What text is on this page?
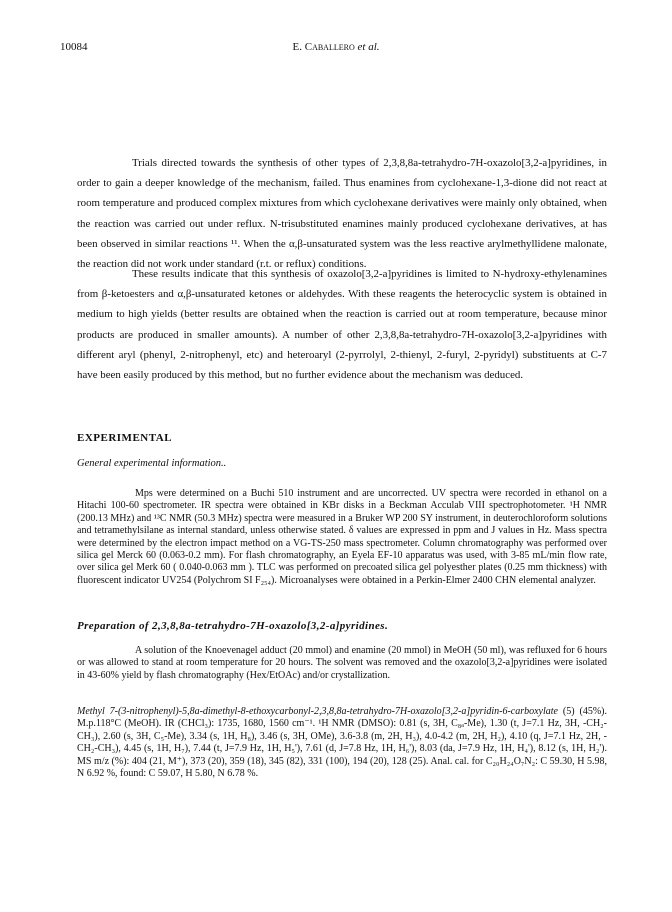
10084	E. Caballero et al.

Trials directed towards the synthesis of other types of 2,3,8,8a-tetrahydro-7H-oxazolo[3,2-a]pyridines, in order to gain a deeper knowledge of the mechanism, failed. Thus enamines from cyclohexane-1,3-dione did not react at room temperature and produced complex mixtures from which cyclohexane derivatives were mainly only obtained, when the reaction was carried out under reflux. N-trisubstituted enamines mainly produced cyclohexane derivatives, at has been observed in similar reactions ¹¹. When the α,β-unsaturated system was the less reactive arylmethyllidene malonate, the reaction did not work under standard (r.t. or reflux) conditions.

These results indicate that this synthesis of oxazolo[3,2-a]pyridines is limited to N-hydroxy-ethylenamines from β-ketoesters and α,β-unsaturated ketones or aldehydes. With these reagents the heterocyclic system is obtained in medium to high yields (better results are obtained when the reaction is carried out at room temperature, because minor products are produced in smaller amounts). A number of other 2,3,8,8a-tetrahydro-7H-oxazolo[3,2-a]pyridines with different aryl (phenyl, 2-nitrophenyl, etc) and heteroaryl (2-pyrrolyl, 2-thienyl, 2-furyl, 2-pyridyl) substituents at C-7 have been easily produced by this method, but no further evidence about the mechanism was deduced.

EXPERIMENTAL
General experimental information..

Mps were determined on a Buchi 510 instrument and are uncorrected. UV spectra were recorded in ethanol on a Hitachi 100-60 spectrometer. IR spectra were obtained in KBr disks in a Beckman Acculab VIII spectrophotometer. ¹H NMR (200.13 MHz) and ¹³C NMR (50.3 MHz) spectra were measured in a Bruker WP 200 SY instrument, in deuterochloroform solutions and tetramethylsilane as internal standard, unless otherwise stated. δ values are expressed in ppm and J values in Hz. Mass spectra were determined by the electron impact method on a VG-TS-250 mass spectrometer. Column chromatography was performed over silica gel Merck 60 (0.063-0.2 mm). For flash chromatography, an Eyela EF-10 apparatus was used, with 3-85 mL/min flow rate, over silica gel Merk 60 ( 0.040-0.063 mm ). TLC was performed on precoated silica gel polyesther plates (0.25 mm thickness) with fluorescent indicator UV254 (Polychrom SI F₂₅₄). Microanalyses were obtained in a Perkin-Elmer 2400 CHN elemental analyzer.

Preparation of 2,3,8,8a-tetrahydro-7H-oxazolo[3,2-a]pyridines.

A solution of the Knoevenagel adduct (20 mmol) and enamine (20 mmol) in MeOH (50 ml), was refluxed for 6 hours or was allowed to stand at room temperature for 20 hours. The solvent was removed and the oxazolo[3,2-a]pyridines were isolated in 43-60% yield by flash chromatography (Hex/EtOAc) and/or crystallization.

Methyl 7-(3-nitrophenyl)-5,8a-dimethyl-8-ethoxycarbonyl-2,3,8,8a-tetrahydro-7H-oxazolo[3,2-a]pyridin-6-carboxylate (5) (45%). M.p.118°C (MeOH). IR (CHCl₃): 1735, 1680, 1560 cm⁻¹. ¹H NMR (DMSO): 0.81 (s, 3H, C₈ₐ-Me), 1.30 (t, J=7.1 Hz, 3H, -CH₂-CH₃), 2.60 (s, 3H, C₅-Me), 3.34 (s, 1H, H₈), 3.46 (s, 3H, OMe), 3.6-3.8 (m, 2H, H₃), 4.0-4.2 (m, 2H, H₂), 4.10 (q, J=7.1 Hz, 2H, -CH₂-CH₃), 4.45 (s, 1H, H₇), 7.44 (t, J=7.9 Hz, 1H, H₅'), 7.61 (d, J=7.8 Hz, 1H, H₆'), 8.03 (da, J=7.9 Hz, 1H, H₄'), 8.12 (s, 1H, H₂'). MS m/z (%): 404 (21, M⁺), 373 (20), 359 (18), 345 (82), 331 (100), 194 (20), 128 (25). Anal. cal. for C₂₀H₂₄O₇N₂: C 59.30, H 5.98, N 6.92 %, found: C 59.07, H 5.80, N 6.78 %.
